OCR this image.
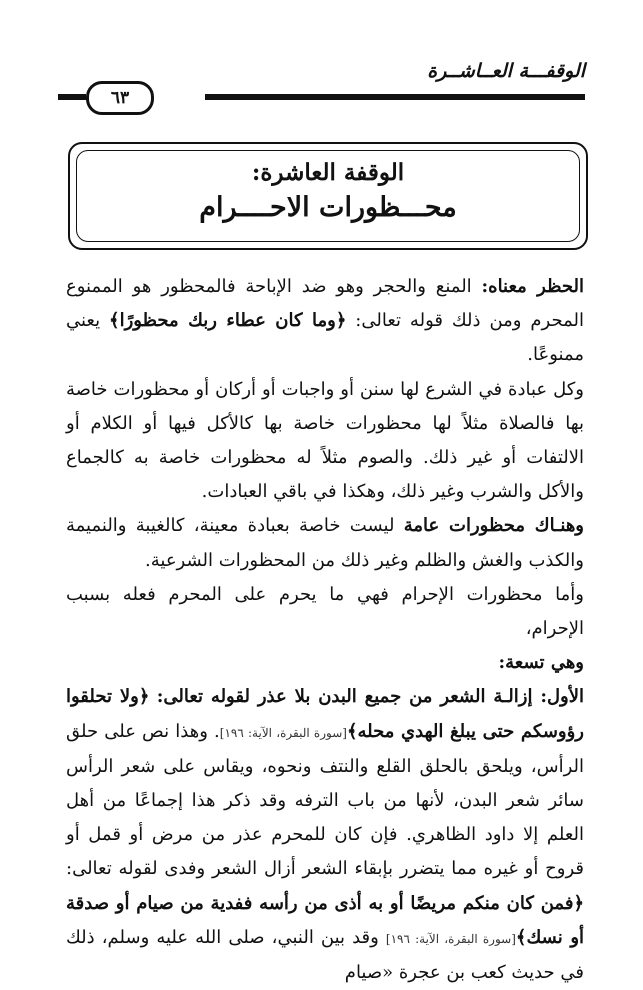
الوقفـــة العــاشــرة
٦٣
الوقفة العاشرة:
محـــظورات الاحــــرام

الحظر معناه: المنع والحجر وهو ضد الإباحة فالمحظور هو الممنوع المحرم ومن ذلك قوله تعالى: ﴿وما كان عطاء ربك محظورًا﴾ يعني ممنوعًا.

وكل عبادة في الشرع لها سنن أو واجبات أو أركان أو محظورات خاصة بها فالصلاة مثلاً لها محظورات خاصة بها كالأكل فيها أو الكلام أو الالتفات أو غير ذلك. والصوم مثلاً له محظورات خاصة به كالجماع والأكل والشرب وغير ذلك، وهكذا في باقي العبادات.

وهنـاك محظورات عامة ليست خاصة بعبادة معينة، كالغيبة والنميمة والكذب والغش والظلم وغير ذلك من المحظورات الشرعية.

وأما محظورات الإحرام فهي ما يحرم على المحرم فعله بسبب الإحرام،

وهي تسعة:

الأول: إزالـة الشعر من جميع البدن بلا عذر لقوله تعالى: ﴿ولا تحلقوا رؤوسكم حتى يبلغ الهدي محله﴾[سورة البقرة، الآية: ١٩٦]. وهذا نص على حلق الرأس، ويلحق بالحلق القلع والنتف ونحوه، ويقاس على شعر الرأس سائر شعر البدن، لأنها من باب الترفه وقد ذكر هذا إجماعًا من أهل العلم إلا داود الظاهري. فإن كان للمحرم عذر من مرض أو قمل أو قروح أو غيره مما يتضرر بإبقاء الشعر أزال الشعر وفدى لقوله تعالى: ﴿فمن كان منكم مريضًا أو به أذى من رأسه ففدية من صيام أو صدقة أو نسك﴾[سورة البقرة، الآية: ١٩٦] وقد بين النبي، صلى الله عليه وسلم، ذلك في حديث كعب بن عجرة «صيام
